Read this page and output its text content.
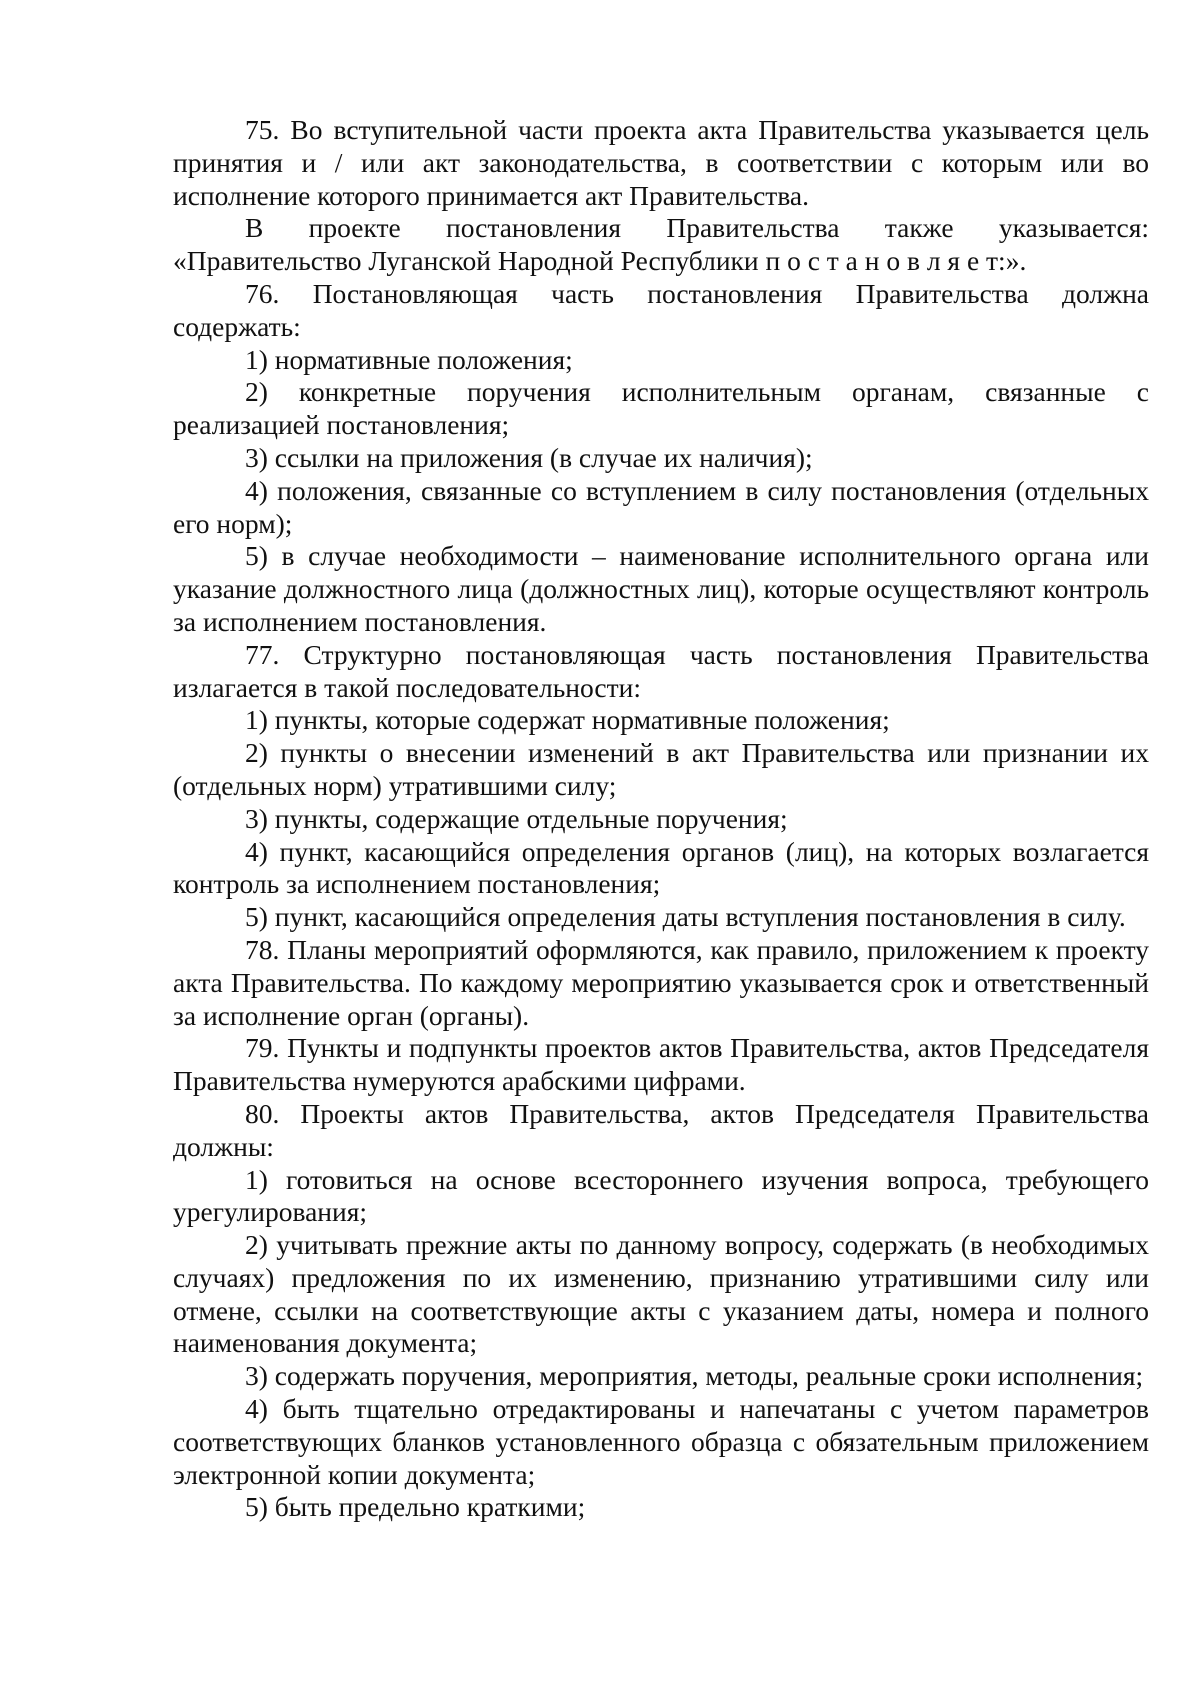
75. Во вступительной части проекта акта Правительства указывается цель принятия и / или акт законодательства, в соответствии с которым или во исполнение которого принимается акт Правительства.

В проекте постановления Правительства также указывается: «Правительство Луганской Народной Республики п о с т а н о в л я е т:».

76. Постановляющая часть постановления Правительства должна содержать:

1) нормативные положения;

2) конкретные поручения исполнительным органам, связанные с реализацией постановления;

3) ссылки на приложения (в случае их наличия);

4) положения, связанные со вступлением в силу постановления (отдельных его норм);

5) в случае необходимости – наименование исполнительного органа или указание должностного лица (должностных лиц), которые осуществляют контроль за исполнением постановления.

77. Структурно постановляющая часть постановления Правительства излагается в такой последовательности:

1) пункты, которые содержат нормативные положения;

2) пункты о внесении изменений в акт Правительства или признании их (отдельных норм) утратившими силу;

3) пункты, содержащие отдельные поручения;

4) пункт, касающийся определения органов (лиц), на которых возлагается контроль за исполнением постановления;

5) пункт, касающийся определения даты вступления постановления в силу.

78. Планы мероприятий оформляются, как правило, приложением к проекту акта Правительства. По каждому мероприятию указывается срок и ответственный за исполнение орган (органы).

79. Пункты и подпункты проектов актов Правительства, актов Председателя Правительства нумеруются арабскими цифрами.

80. Проекты актов Правительства, актов Председателя Правительства должны:

1) готовиться на основе всестороннего изучения вопроса, требующего урегулирования;

2) учитывать прежние акты по данному вопросу, содержать (в необходимых случаях) предложения по их изменению, признанию утратившими силу или отмене, ссылки на соответствующие акты с указанием даты, номера и полного наименования документа;

3) содержать поручения, мероприятия, методы, реальные сроки исполнения;

4) быть тщательно отредактированы и напечатаны с учетом параметров соответствующих бланков установленного образца с обязательным приложением электронной копии документа;

5) быть предельно краткими;
